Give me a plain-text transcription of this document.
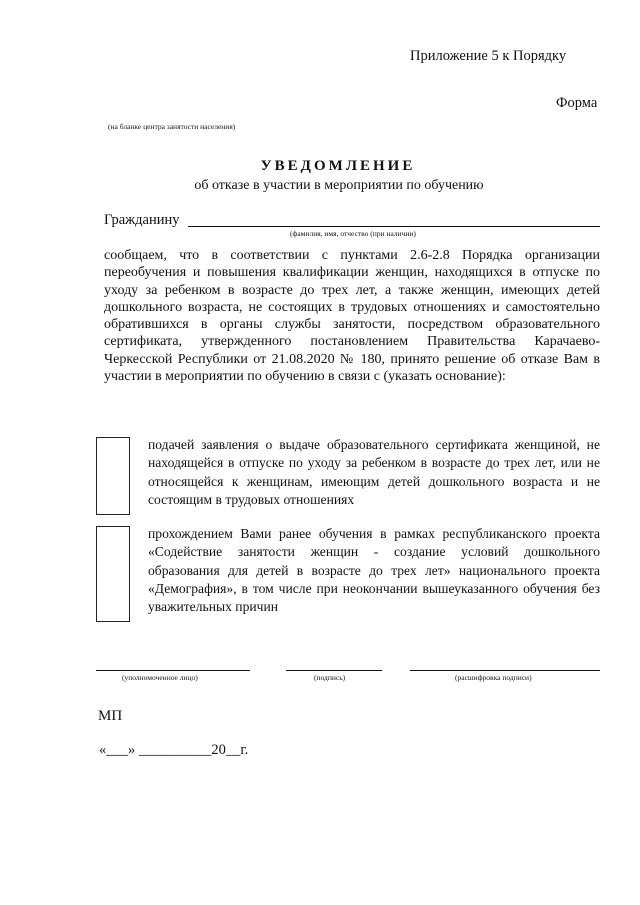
Приложение 5 к Порядку
Форма
(на бланке центра занятости населения)
УВЕДОМЛЕНИЕ
об отказе в участии в мероприятии по обучению
Гражданину
(фамилия, имя, отчество (при наличии)
сообщаем, что в соответствии с пунктами 2.6-2.8 Порядка организации переобучения и повышения квалификации женщин, находящихся в отпуске по уходу за ребенком в возрасте до трех лет, а также женщин, имеющих детей дошкольного возраста, не состоящих в трудовых отношениях и самостоятельно обратившихся в органы службы занятости, посредством образовательного сертификата, утвержденного постановлением Правительства Карачаево-Черкесской Республики от 21.08.2020 № 180, принято решение об отказе Вам в участии в мероприятии по обучению в связи с (указать основание):
подачей заявления о выдаче образовательного сертификата женщиной, не находящейся в отпуске по уходу за ребенком в возрасте до трех лет, или не относящейся к женщинам, имеющим детей дошкольного возраста и не состоящим в трудовых отношениях
прохождением Вами ранее обучения в рамках республиканского проекта «Содействие занятости женщин - создание условий дошкольного образования для детей в возрасте до трех лет» национального проекта «Демография», в том числе при неокончании вышеуказанного обучения без уважительных причин
(уполномоченное лицо)	(подпись)	(расшифровка подписи)
МП
«___» __________20__г.
